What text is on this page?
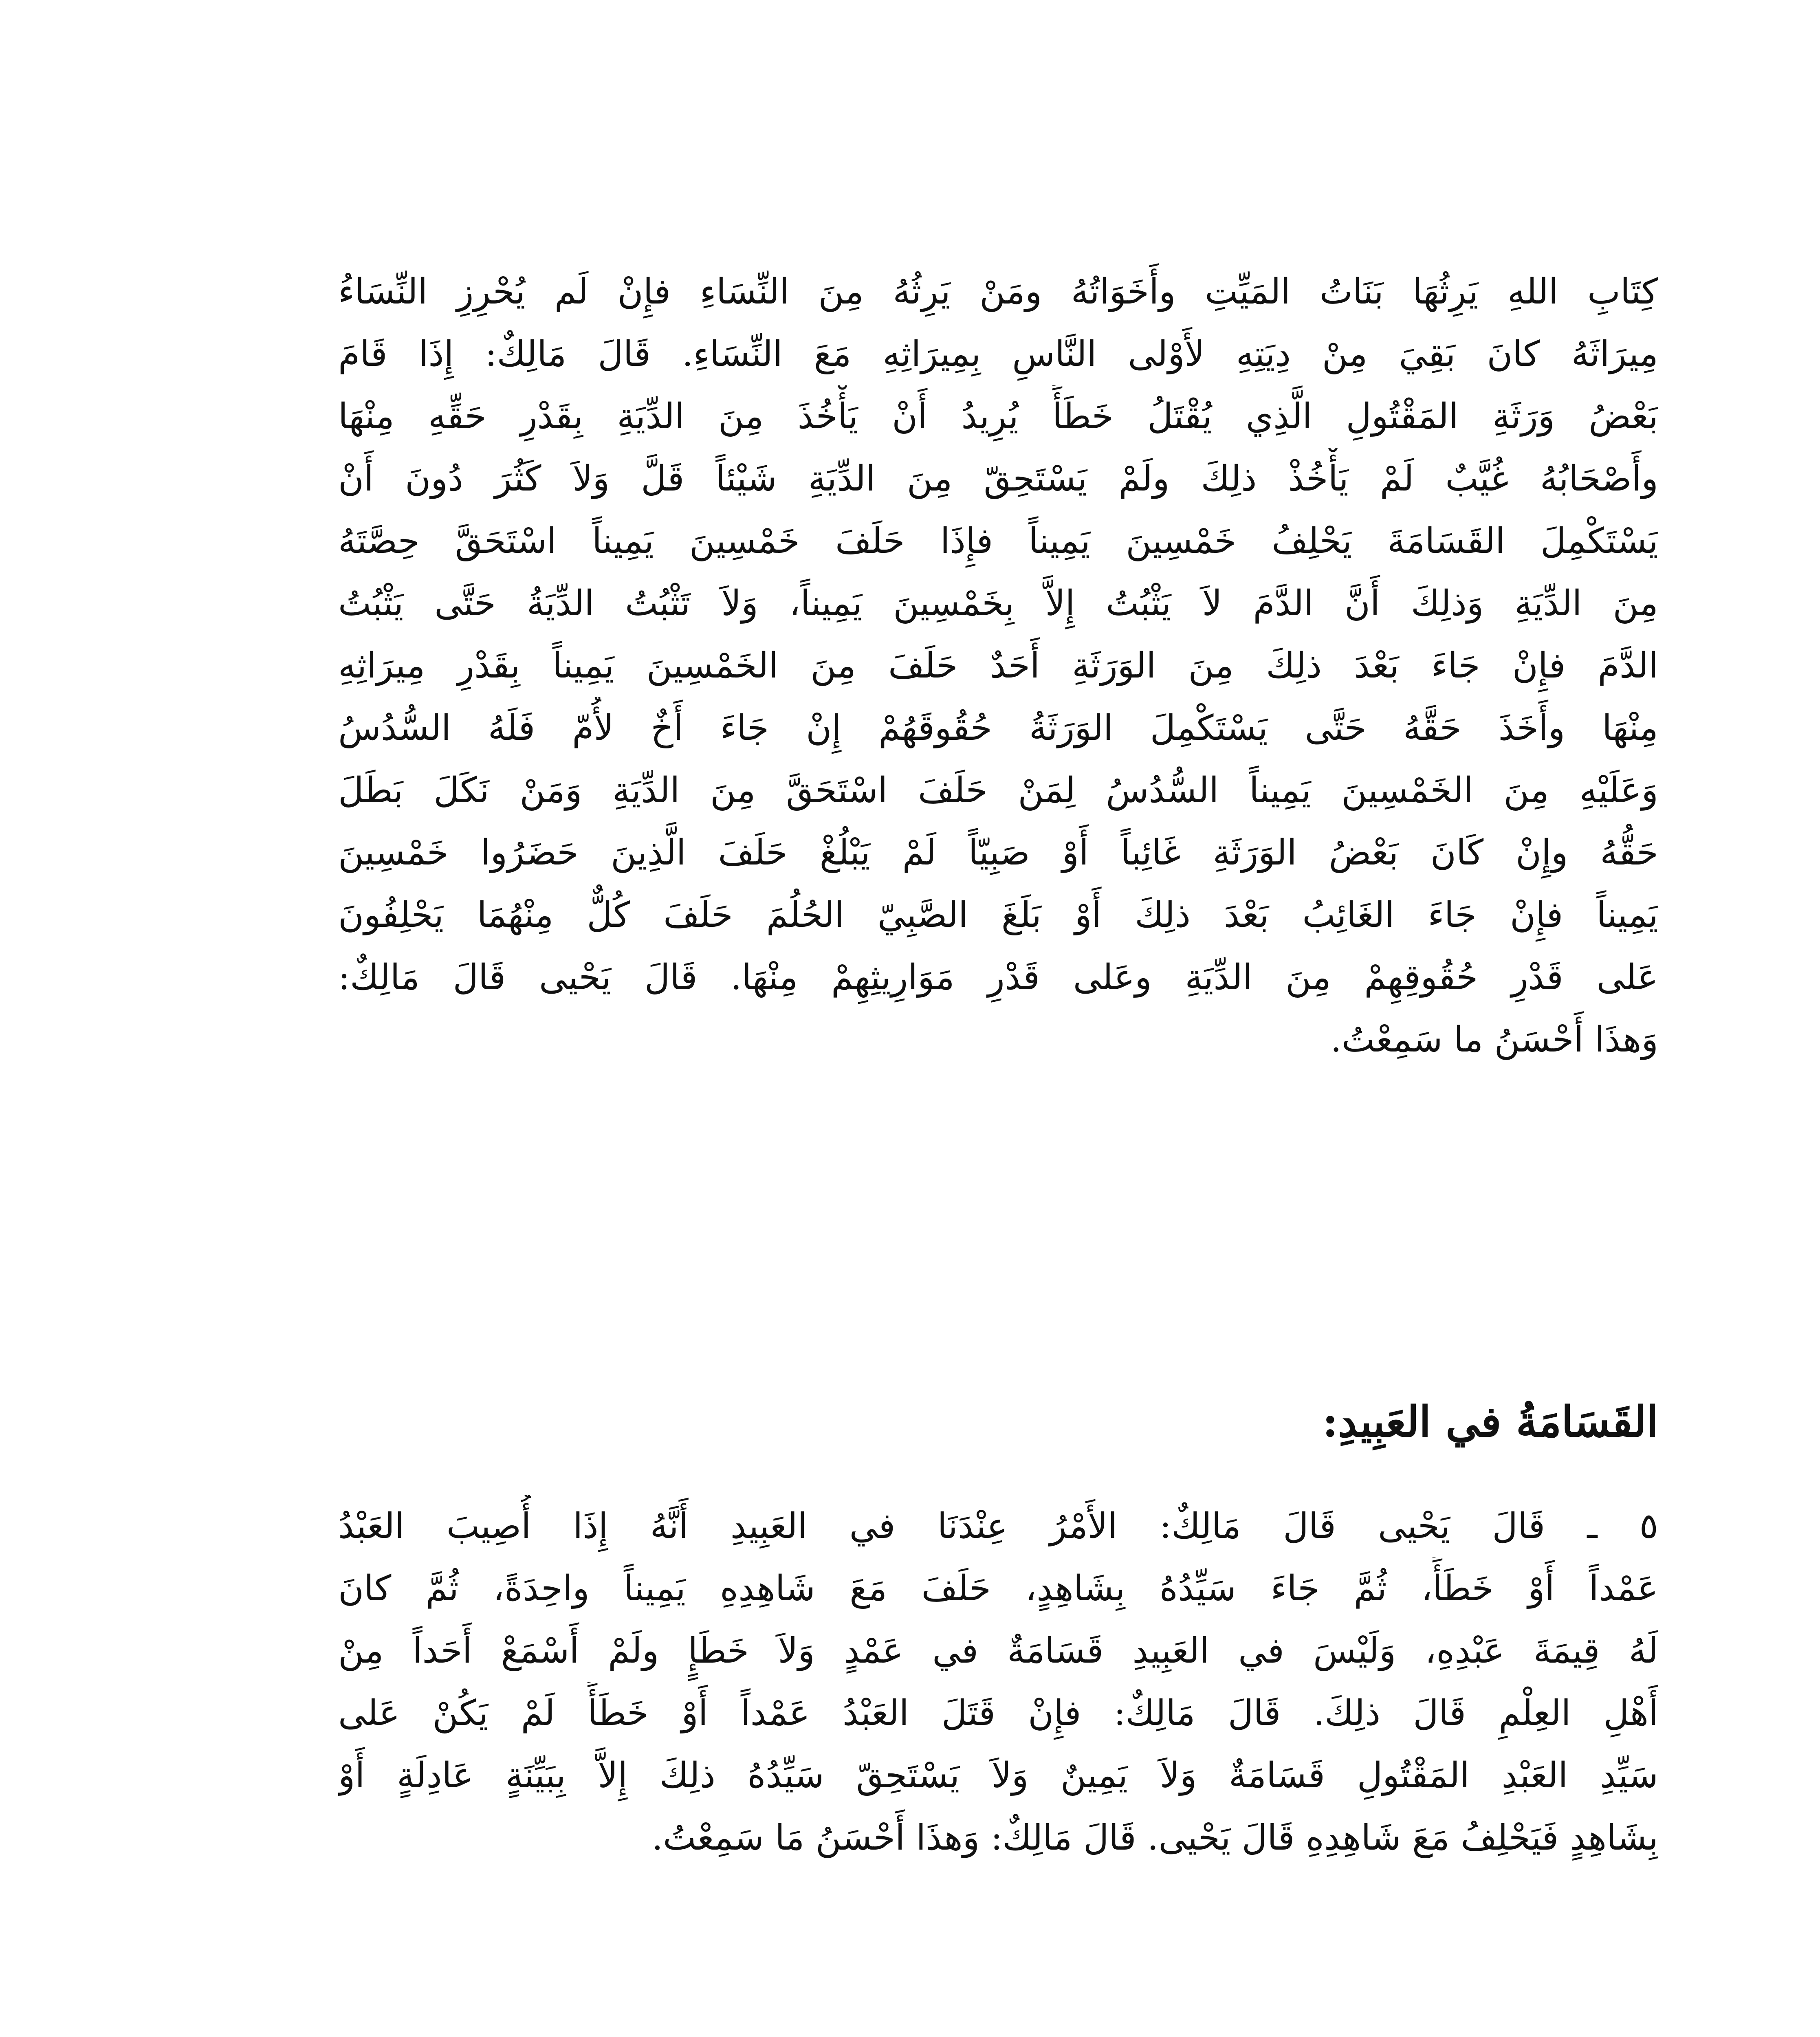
كِتَابِ اللهِ يَرِثُهَا بَنَاتُ المَيِّتِ وأَخَوَاتُهُ ومَنْ يَرِثُهُ مِنَ النِّسَاءِ فإِنْ لَم يُحْرِزِ النِّسَاءُ
مِيرَاثَهُ كانَ بَقِيَ مِنْ دِيَتِهِ لأَوْلى النَّاسِ بِمِيرَاثِهِ مَعَ النِّسَاءِ. قَالَ مَالِكٌ: إِذَا قَامَ
بَعْضُ وَرَثَةِ المَقْتُولِ الَّذِي يُقْتَلُ خَطَأً يُرِيدُ أَنْ يَأْخُذَ مِنَ الدِّيَةِ بِقَدْرِ حَقِّهِ مِنْهَا
وأَصْحَابُهُ غُيَّبٌ لَمْ يَأْخُذْ ذلِكَ ولَمْ يَسْتَحِقّ مِنَ الدِّيَةِ شَيْئاً قَلَّ وَلاَ كَثُرَ دُونَ أَنْ
يَسْتَكْمِلَ القَسَامَةَ يَحْلِفُ خَمْسِينَ يَمِيناً فإِذَا حَلَفَ خَمْسِينَ يَمِيناً اسْتَحَقَّ حِصَّتَهُ
مِنَ الدِّيَةِ وَذلِكَ أَنَّ الدَّمَ لاَ يَثْبُتُ إِلاَّ بِخَمْسِينَ يَمِيناً، وَلاَ تَثْبُتُ الدِّيَةُ حَتَّى يَثْبُتُ
الدَّمَ فإِنْ جَاءَ بَعْدَ ذلِكَ مِنَ الوَرَثَةِ أَحَدٌ حَلَفَ مِنَ الخَمْسِينَ يَمِيناً بِقَدْرِ مِيرَاثِهِ
مِنْهَا وأَخَذَ حَقَّهُ حَتَّى يَسْتَكْمِلَ الوَرَثَةُ حُقُوقَهُمْ إِنْ جَاءَ أَخٌ لأُمّ فَلَهُ السُّدُسُ
وَعَلَيْهِ مِنَ الخَمْسِينَ يَمِيناً السُّدُسُ لِمَنْ حَلَفَ اسْتَحَقَّ مِنَ الدِّيَةِ وَمَنْ نَكَلَ بَطَلَ
حَقُّهُ وإِنْ كَانَ بَعْضُ الوَرَثَةِ غَائِباً أَوْ صَبِيّاً لَمْ يَبْلُغْ حَلَفَ الَّذِينَ حَضَرُوا خَمْسِينَ
يَمِيناً فإِنْ جَاءَ الغَائِبُ بَعْدَ ذلِكَ أَوْ بَلَغَ الصَّبِيّ الحُلُمَ حَلَفَ كُلٌّ مِنْهُمَا يَحْلِفُونَ
عَلى قَدْرِ حُقُوقِهِمْ مِنَ الدِّيَةِ وعَلى قَدْرِ مَوَارِيثِهِمْ مِنْهَا. قَالَ يَحْيى قَالَ مَالِكٌ:
وَهذَا أَحْسَنُ ما سَمِعْتُ.
القَسَامَةُ في العَبِيدِ:
٥ ـ قَالَ يَحْيى قَالَ مَالِكٌ: الأَمْرُ عِنْدَنَا في العَبِيدِ أَنَّهُ إِذَا أُصِيبَ العَبْدُ
عَمْداً أَوْ خَطَأً، ثُمَّ جَاءَ سَيِّدُهُ بِشَاهِدٍ، حَلَفَ مَعَ شَاهِدِهِ يَمِيناً واحِدَةً، ثُمَّ كانَ
لَهُ قِيمَةَ عَبْدِهِ، وَلَيْسَ في العَبِيدِ قَسَامَةٌ في عَمْدٍ وَلاَ خَطَإٍ ولَمْ أَسْمَعْ أَحَداً مِنْ
أَهْلِ العِلْمِ قَالَ ذلِكَ. قَالَ مَالِكٌ: فإِنْ قَتَلَ العَبْدُ عَمْداً أَوْ خَطَأً لَمْ يَكُنْ عَلى
سَيِّدِ العَبْدِ المَقْتُولِ قَسَامَةٌ وَلاَ يَمِينٌ وَلاَ يَسْتَحِقّ سَيِّدُهُ ذلِكَ إِلاَّ بِبَيِّنَةٍ عَادِلَةٍ أَوْ
بِشَاهِدٍ فَيَحْلِفُ مَعَ شَاهِدِهِ قَالَ يَحْيى. قَالَ مَالِكٌ: وَهذَا أَحْسَنُ مَا سَمِعْتُ.
